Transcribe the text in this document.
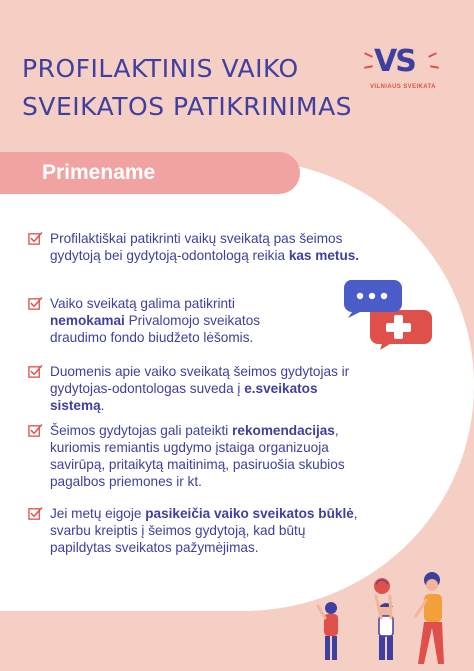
PROFILAKTINIS VAIKO
SVEIKATOS PATIKRINIMAS
VS
VILNIAUS SVEIKATA
Primename
Profilaktiškai patikrinti vaikų sveikatą pas šeimos gydytoją bei gydytoją-odontologą reikia kas metus.
Vaiko sveikatą galima patikrinti nemokamai Privalomojo sveikatos draudimo fondo biudžeto lėšomis.
Duomenis apie vaiko sveikatą šeimos gydytojas ir gydytojas-odontologas suveda į e.sveikatos sistemą.
Šeimos gydytojas gali pateikti rekomendacijas, kuriomis remiantis ugdymo įstaiga organizuoja savirūpą, pritaikytą maitinimą, pasiruošia skubios pagalbos priemones ir kt.
Jei metų eigoje pasikeičia vaiko sveikatos būklė, svarbu kreiptis į šeimos gydytoją, kad būtų papildytas sveikatos pažymėjimas.
